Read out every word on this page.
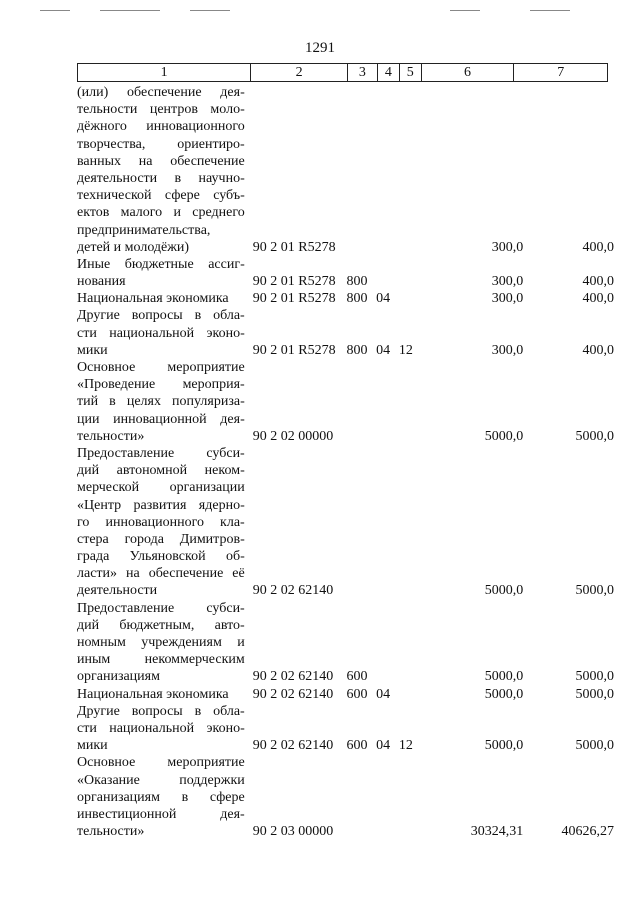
1291
1	2	3	4	5	6	7
(или) обеспечение дея-
тельности центров моло-
дёжного инновационного
творчества, ориентиро-
ванных на обеспечение
деятельности в научно-
технической сфере субъ-
ектов малого и среднего
предпринимательства,
детей и молодёжи)	90 2 01 R5278	300,0	400,0
Иные бюджетные ассиг-
нования	90 2 01 R5278 800	300,0	400,0
Национальная экономика	90 2 01 R5278 800 04	300,0	400,0
Другие вопросы в обла-
сти национальной эконо-
мики	90 2 01 R5278 800 04 12	300,0	400,0
Основное мероприятие
«Проведение мероприя-
тий в целях популяриза-
ции инновационной дея-
тельности»	90 2 02 00000	5000,0	5000,0
Предоставление субси-
дий автономной неком-
мерческой организации
«Центр развития ядерно-
го инновационного кла-
стера города Димитров-
града Ульяновской об-
ласти» на обеспечение её
деятельности	90 2 02 62140	5000,0	5000,0
Предоставление субси-
дий бюджетным, авто-
номным учреждениям и
иным некоммерческим
организациям	90 2 02 62140 600	5000,0	5000,0
Национальная экономика	90 2 02 62140 600 04	5000,0	5000,0
Другие вопросы в обла-
сти национальной эконо-
мики	90 2 02 62140 600 04 12	5000,0	5000,0
Основное мероприятие
«Оказание поддержки
организациям в сфере
инвестиционной дея-
тельности»	90 2 03 00000	30324,31	40626,27
